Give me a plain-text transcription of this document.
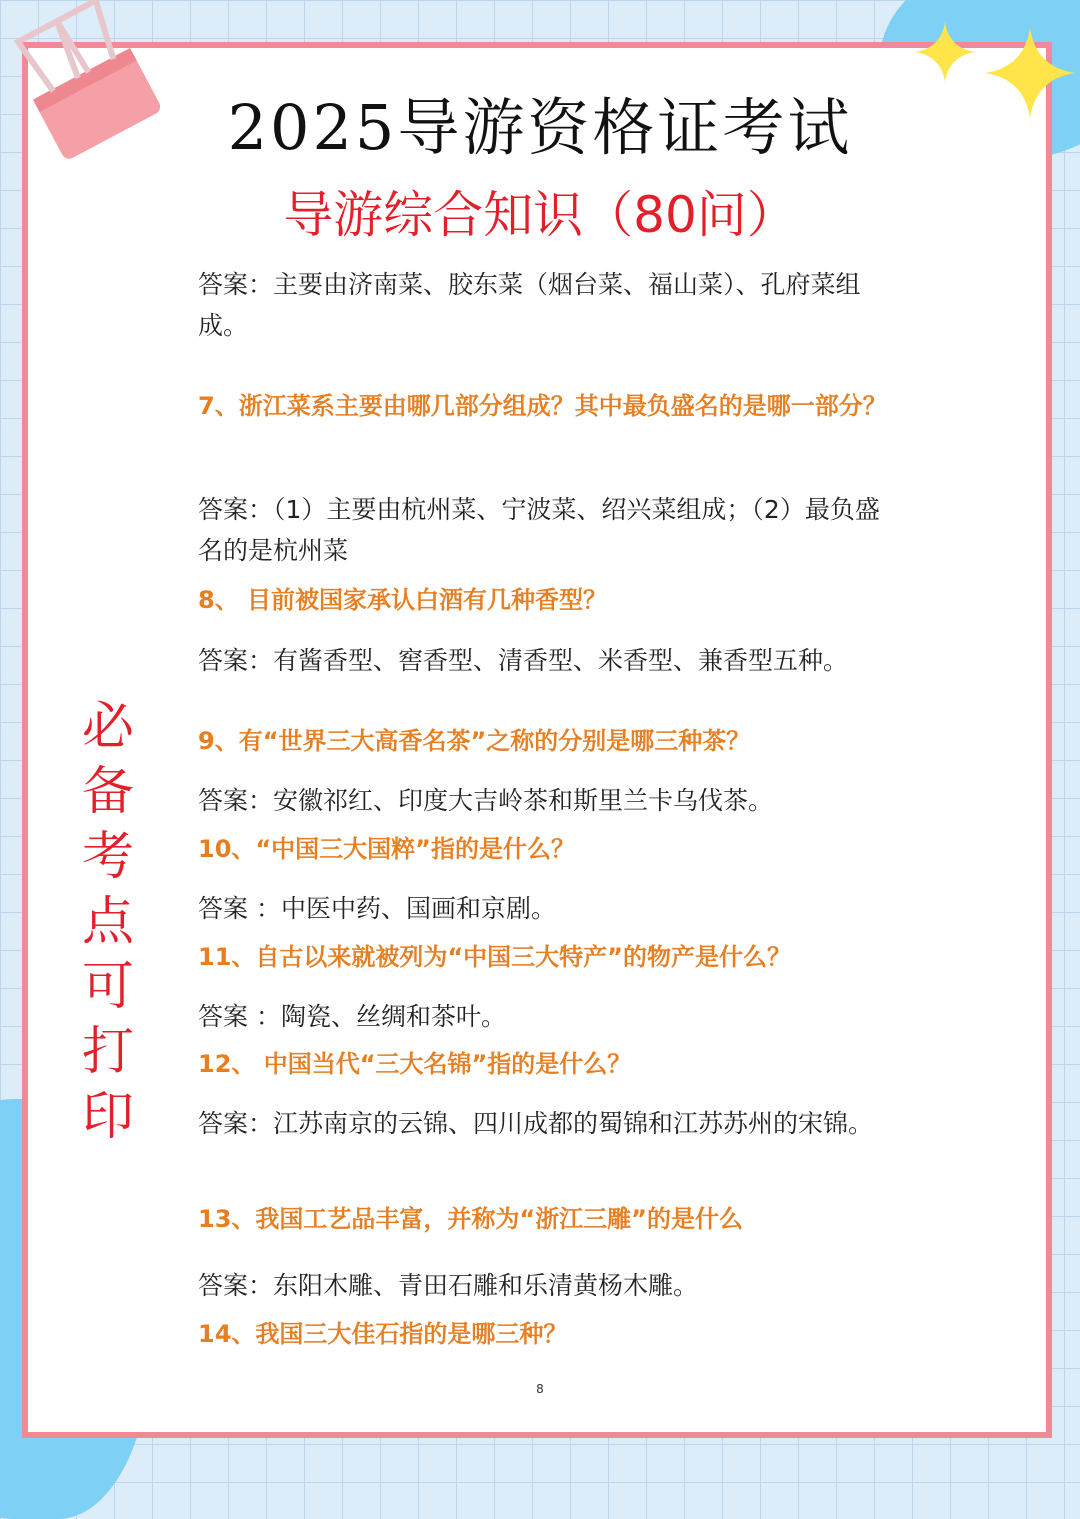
2025导游资格证考试
导游综合知识（80问）
必
备
考
点
可
打
印

答案：主要由济南菜、胶东菜（烟台菜、福山菜）、孔府菜组成。

7、浙江菜系主要由哪几部分组成？其中最负盛名的是哪一部分？

答案：（1）主要由杭州菜、宁波菜、绍兴菜组成；（2）最负盛名的是杭州菜

8、 目前被国家承认白酒有几种香型？

答案：有酱香型、窖香型、清香型、米香型、兼香型五种。

9、有“世界三大高香名茶”之称的分别是哪三种茶？

答案：安徽祁红、印度大吉岭茶和斯里兰卡乌伐茶。

10、“中国三大国粹”指的是什么？

答案 ：中医中药、国画和京剧。

11、自古以来就被列为“中国三大特产”的物产是什么？

答案 ：陶瓷、丝绸和茶叶。

12、 中国当代“三大名锦”指的是什么？

答案：江苏南京的云锦、四川成都的蜀锦和江苏苏州的宋锦。

13、我国工艺品丰富，并称为“浙江三雕”的是什么

答案：东阳木雕、青田石雕和乐清黄杨木雕。

14、我国三大佳石指的是哪三种？

8
